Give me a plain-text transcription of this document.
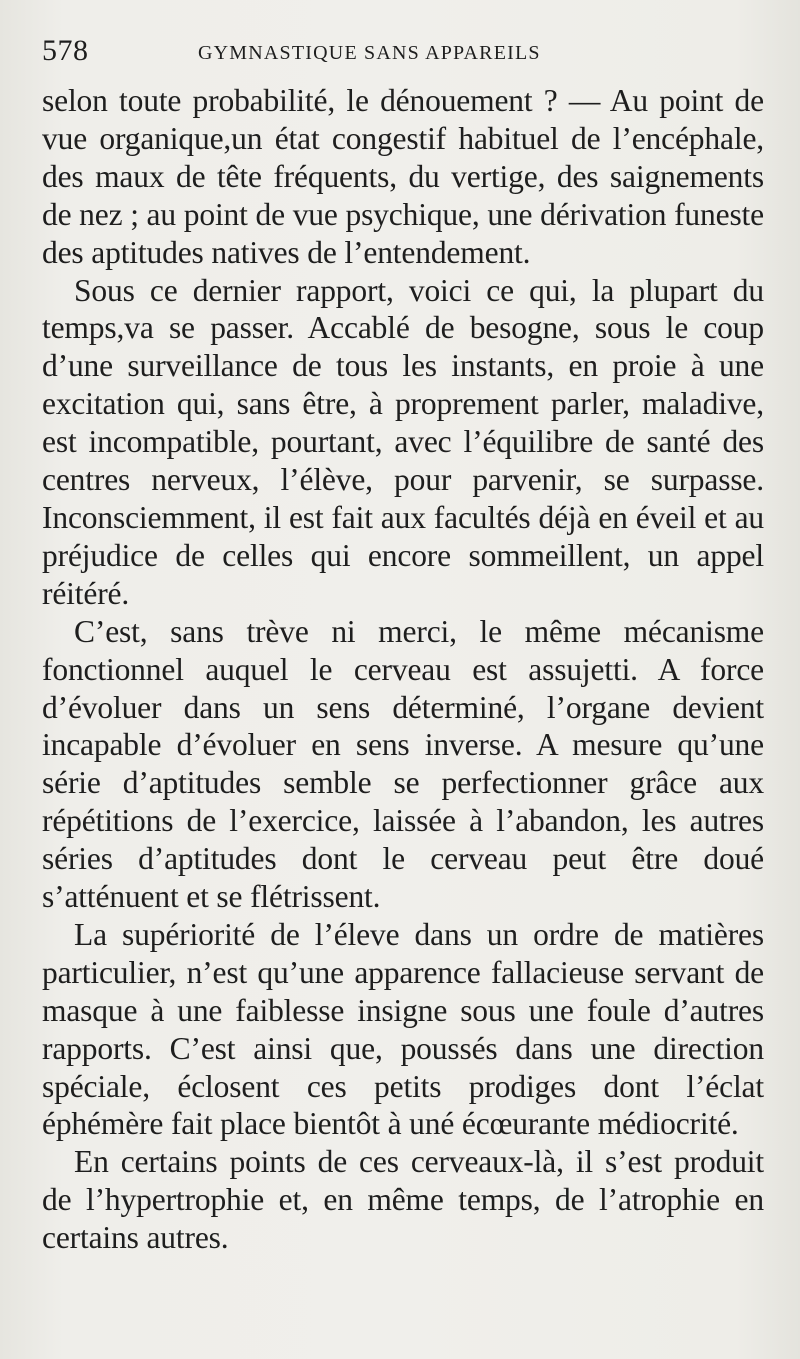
578	GYMNASTIQUE SANS APPAREILS

selon toute probabilité, le dénouement ? — Au point de vue organique,un état congestif habituel de l’encéphale, des maux de tête fréquents, du vertige, des saignements de nez ; au point de vue psychique, une dérivation funeste des aptitudes natives de l’entendement.

Sous ce dernier rapport, voici ce qui, la plupart du temps,va se passer. Accablé de besogne, sous le coup d’une surveillance de tous les instants, en proie à une excitation qui, sans être, à proprement parler, maladive, est incompatible, pourtant, avec l’équilibre de santé des centres nerveux, l’élève, pour parvenir, se surpasse. Inconsciemment, il est fait aux facultés déjà en éveil et au préjudice de celles qui encore sommeillent, un appel réitéré.

C’est, sans trève ni merci, le même mécanisme fonctionnel auquel le cerveau est assujetti. A force d’évoluer dans un sens déterminé, l’organe devient incapable d’évoluer en sens inverse. A mesure qu’une série d’aptitudes semble se perfectionner grâce aux répétitions de l’exercice, laissée à l’abandon, les autres séries d’aptitudes dont le cerveau peut être doué s’atténuent et se flétrissent.

La supériorité de l’éleve dans un ordre de matières particulier, n’est qu’une apparence fallacieuse servant de masque à une faiblesse insigne sous une foule d’autres rapports. C’est ainsi que, poussés dans une direction spéciale, éclosent ces petits prodiges dont l’éclat éphémère fait place bientôt à uné écœurante médiocrité.

En certains points de ces cerveaux-là, il s’est produit de l’hypertrophie et, en même temps, de l’atrophie en certains autres.
